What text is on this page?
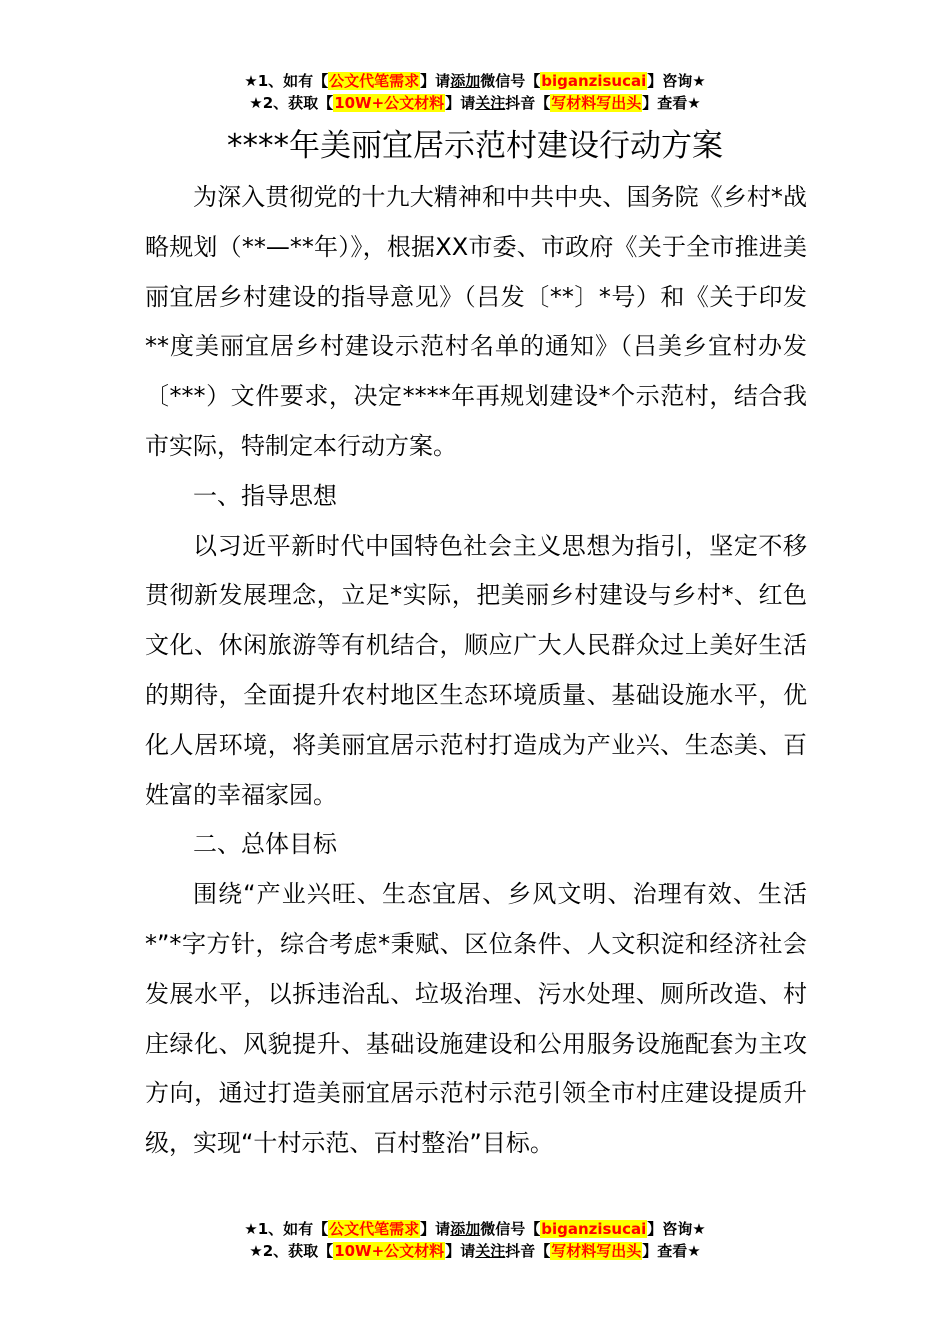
★1、如有【公文代笔需求】请添加微信号【biganzisucai】咨询★
★2、获取【10W+公文材料】请关注抖音【写材料写出头】查看★
****年美丽宜居示范村建设行动方案

为深入贯彻党的十九大精神和中共中央、国务院《乡村*战略规划（**—**年）》，根据XX市委、市政府《关于全市推进美丽宜居乡村建设的指导意见》（吕发〔**〕*号）和《关于印发**度美丽宜居乡村建设示范村名单的通知》（吕美乡宜村办发〔***）文件要求，决定****年再规划建设*个示范村，结合我市实际，特制定本行动方案。

一、指导思想

以习近平新时代中国特色社会主义思想为指引，坚定不移贯彻新发展理念，立足*实际，把美丽乡村建设与乡村*、红色文化、休闲旅游等有机结合，顺应广大人民群众过上美好生活的期待，全面提升农村地区生态环境质量、基础设施水平，优化人居环境，将美丽宜居示范村打造成为产业兴、生态美、百姓富的幸福家园。

二、总体目标

围绕“产业兴旺、生态宜居、乡风文明、治理有效、生活*”*字方针，综合考虑*秉赋、区位条件、人文积淀和经济社会发展水平，以拆违治乱、垃圾治理、污水处理、厕所改造、村庄绿化、风貌提升、基础设施建设和公用服务设施配套为主攻方向，通过打造美丽宜居示范村示范引领全市村庄建设提质升级，实现“十村示范、百村整治”目标。

★1、如有【公文代笔需求】请添加微信号【biganzisucai】咨询★
★2、获取【10W+公文材料】请关注抖音【写材料写出头】查看★
